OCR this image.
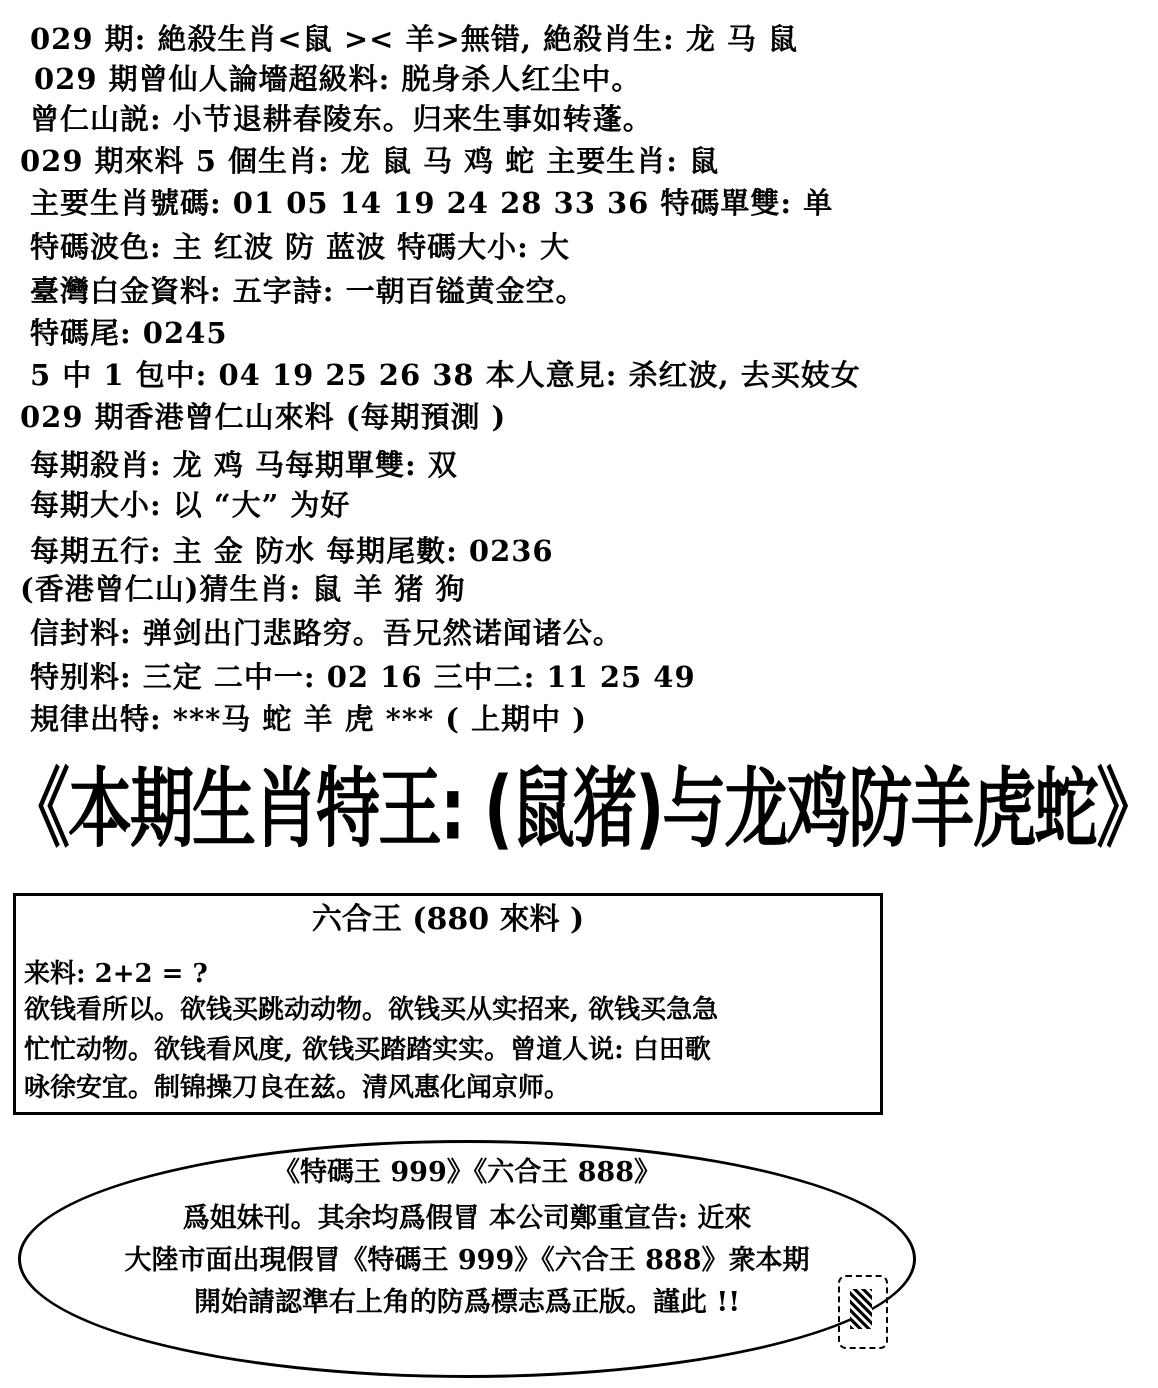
029 期: 絶殺生肖<鼠 >< 羊>無错, 絶殺肖生: 龙 马 鼠
029 期曾仙人論墻超級料: 脱身杀人红尘中。
曾仁山説: 小节退耕春陵东。归来生事如转蓬。
029 期來料 5 個生肖: 龙 鼠 马 鸡 蛇 主要生肖: 鼠
主要生肖號碼: 01 05 14 19 24 28 33 36 特碼單雙: 单
特碼波色: 主 红波 防 蓝波 特碼大小: 大
臺灣白金資料: 五字詩: 一朝百镒黄金空。
特碼尾: 0245
5 中 1 包中: 04 19 25 26 38 本人意見: 杀红波, 去买妓女
029 期香港曾仁山來料 (每期預測 )
每期殺肖: 龙 鸡 马每期單雙: 双
每期大小: 以 “大” 为好
每期五行: 主 金 防水 每期尾數: 0236
(香港曾仁山)猜生肖: 鼠 羊 猪 狗
信封料: 弹剑出门悲路穷。吾兄然诺闻诸公。
特别料: 三定 二中一: 02 16 三中二: 11 25 49
規律出特: ***马 蛇 羊 虎 *** ( 上期中 )
《本期生肖特王: (鼠猪)与龙鸡防羊虎蛇》
六合王 (880 來料 )
来料: 2+2 = ?
欲钱看所以。欲钱买跳动动物。欲钱买从实招来, 欲钱买急急
忙忙动物。欲钱看风度, 欲钱买踏踏实实。曾道人说: 白田歌
咏徐安宜。制锦操刀良在兹。清风惠化闻京师。
《特碼王 999》《六合王 888》
爲姐妹刊。其余均爲假冒 本公司鄭重宣告: 近來
大陸市面出現假冒《特碼王 999》《六合王 888》衆本期
開始請認準右上角的防爲標志爲正版。謹此 !!
